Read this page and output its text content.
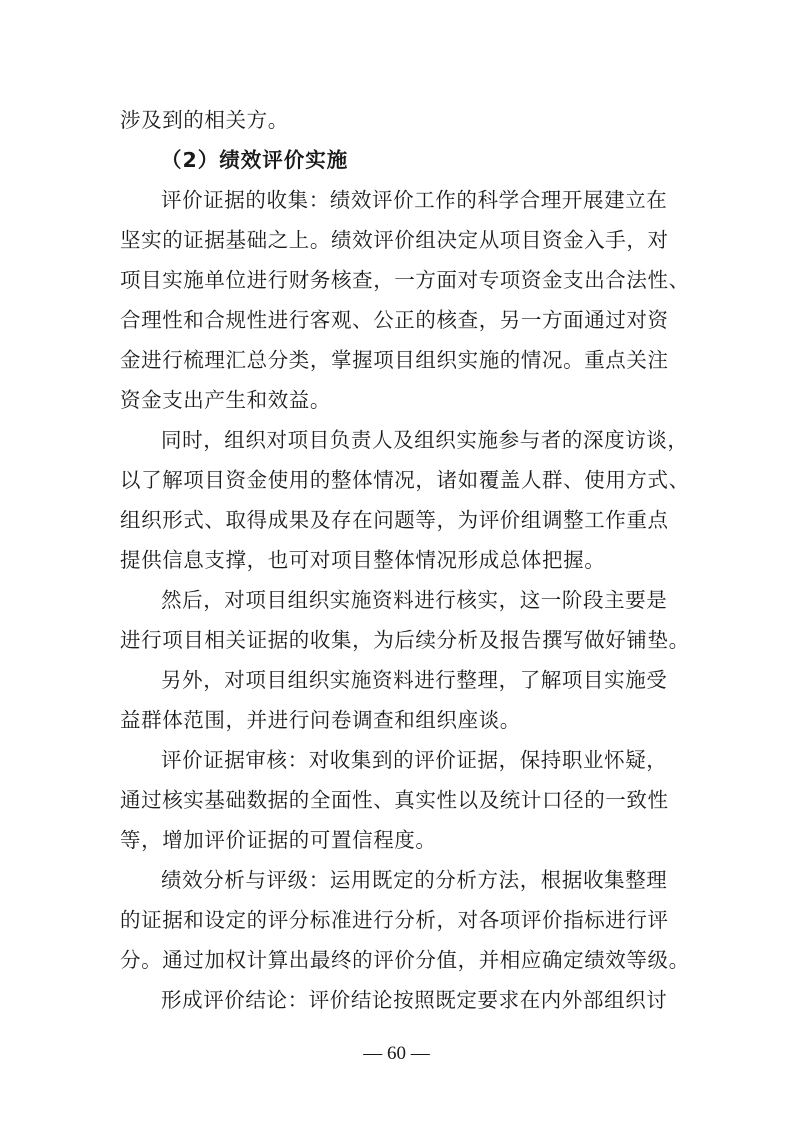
涉及到的相关方。
（2）绩效评价实施
评价证据的收集：绩效评价工作的科学合理开展建立在
坚实的证据基础之上。绩效评价组决定从项目资金入手，对
项目实施单位进行财务核查，一方面对专项资金支出合法性、
合理性和合规性进行客观、公正的核查，另一方面通过对资
金进行梳理汇总分类，掌握项目组织实施的情况。重点关注
资金支出产生和效益。
同时，组织对项目负责人及组织实施参与者的深度访谈，
以了解项目资金使用的整体情况，诸如覆盖人群、使用方式、
组织形式、取得成果及存在问题等，为评价组调整工作重点
提供信息支撑，也可对项目整体情况形成总体把握。
然后，对项目组织实施资料进行核实，这一阶段主要是
进行项目相关证据的收集，为后续分析及报告撰写做好铺垫。
另外，对项目组织实施资料进行整理，了解项目实施受
益群体范围，并进行问卷调查和组织座谈。
评价证据审核：对收集到的评价证据，保持职业怀疑，
通过核实基础数据的全面性、真实性以及统计口径的一致性
等，增加评价证据的可置信程度。
绩效分析与评级：运用既定的分析方法，根据收集整理
的证据和设定的评分标准进行分析，对各项评价指标进行评
分。通过加权计算出最终的评价分值，并相应确定绩效等级。
形成评价结论：评价结论按照既定要求在内外部组织讨
— 60 —
